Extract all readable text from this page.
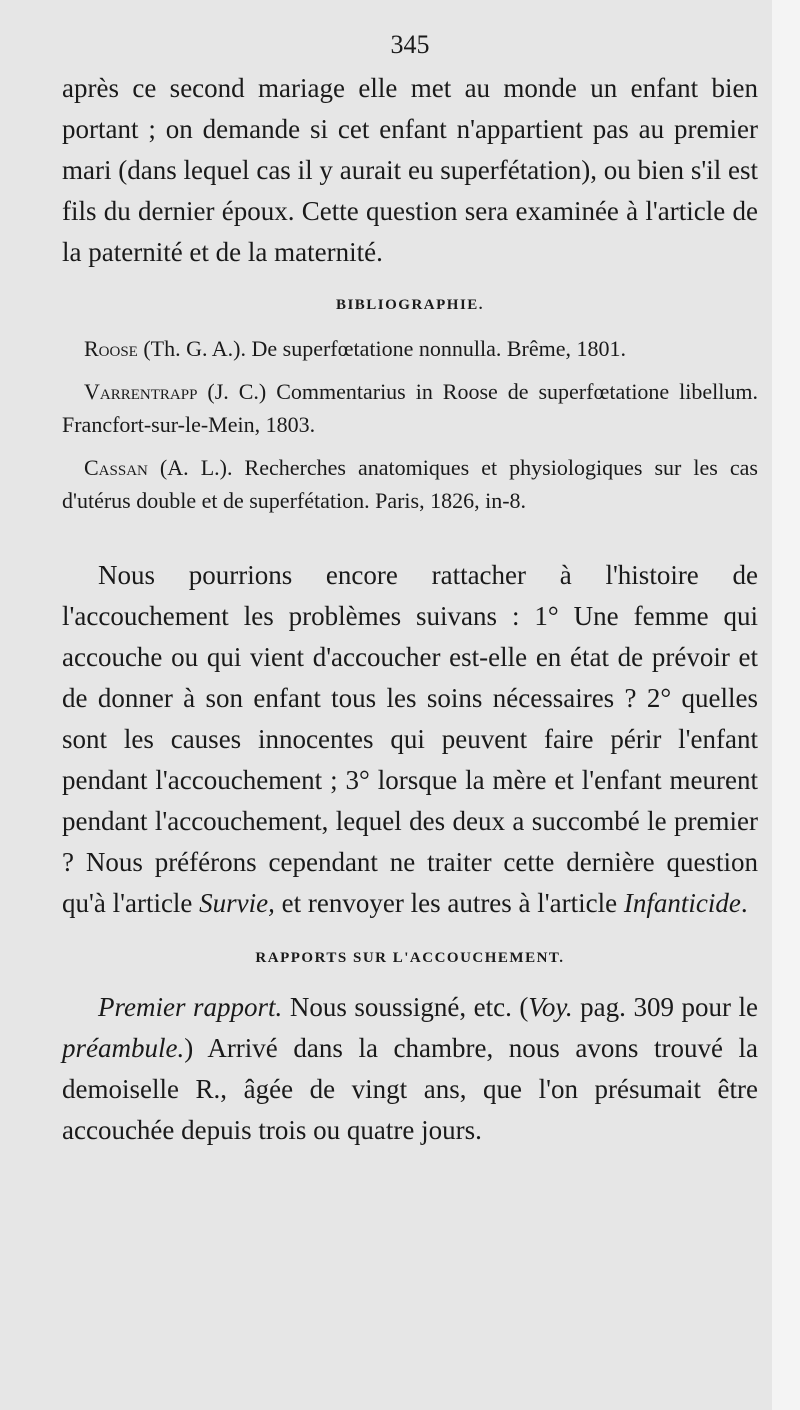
345

après ce second mariage elle met au monde un enfant bien portant ; on demande si cet enfant n'appartient pas au premier mari (dans lequel cas il y aurait eu superfétation), ou bien s'il est fils du dernier époux. Cette question sera examinée à l'article de la paternité et de la maternité.

BIBLIOGRAPHIE.

Roose (Th. G. A.). De superfœtatione nonnulla. Brême, 1801.

Varrentrapp (J. C.) Commentarius in Roose de superfœtatione libellum. Francfort-sur-le-Mein, 1803.

Cassan (A. L.). Recherches anatomiques et physiologiques sur les cas d'utérus double et de superfétation. Paris, 1826, in-8.

Nous pourrions encore rattacher à l'histoire de l'accouchement les problèmes suivans : 1° Une femme qui accouche ou qui vient d'accoucher est-elle en état de prévoir et de donner à son enfant tous les soins nécessaires ? 2° quelles sont les causes innocentes qui peuvent faire périr l'enfant pendant l'accouchement ; 3° lorsque la mère et l'enfant meurent pendant l'accouchement, lequel des deux a succombé le premier ? Nous préférons cependant ne traiter cette dernière question qu'à l'article Survie, et renvoyer les autres à l'article Infanticide.

RAPPORTS SUR L'ACCOUCHEMENT.

Premier rapport. Nous soussigné, etc. (Voy. pag. 309 pour le préambule.) Arrivé dans la chambre, nous avons trouvé la demoiselle R., âgée de vingt ans, que l'on présumait être accouchée depuis trois ou quatre jours.
